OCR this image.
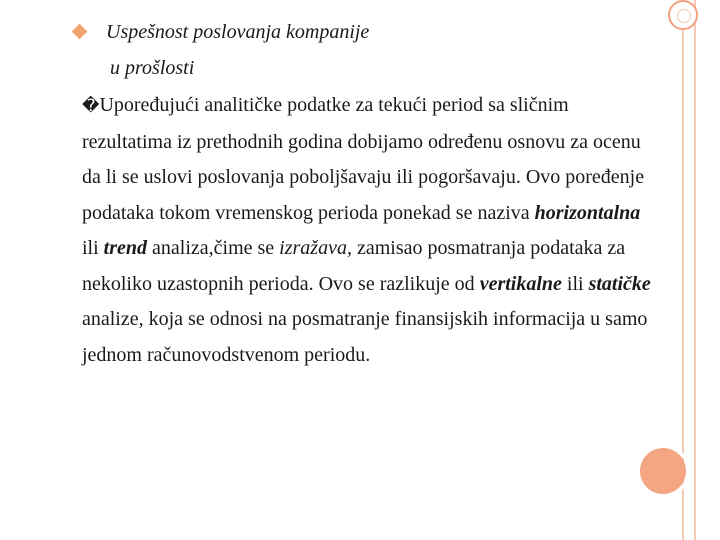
Uspešnost poslovanja kompanije
u prošlosti

�Upoređujući analitičke podatke za tekući period sa sličnim rezultatima iz prethodnih godina dobijamo određenu osnovu za ocenu da li se uslovi poslovanja poboljšavaju ili pogoršavaju. Ovo poređenje podataka tokom vremenskog perioda ponekad se naziva horizontalna ili trend analiza,čime se izražava, zamisao posmatranja podataka za nekoliko uzastopnih perioda. Ovo se razlikuje od vertikalne ili statičke analize, koja se odnosi na posmatranje finansijskih informacija u samo jednom računovodstvenom periodu.
